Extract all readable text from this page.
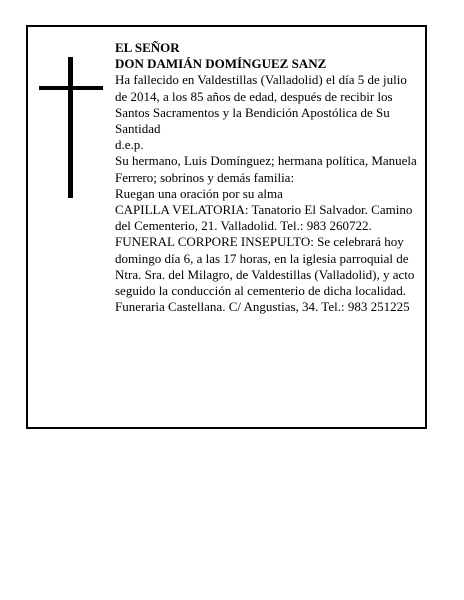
EL SEÑOR

DON DAMIÁN DOMÍNGUEZ SANZ

Ha fallecido en Valdestillas (Valladolid) el día 5 de julio de 2014, a los 85 años de edad, después de recibir los Santos Sacramentos y la Bendición Apostólica de Su Santidad

d.e.p.

Su hermano, Luis Domínguez; hermana política, Manuela Ferrero; sobrinos y demás familia:

Ruegan una oración por su alma

CAPILLA VELATORIA: Tanatorio El Salvador. Camino del Cementerio, 21. Valladolid. Tel.: 983 260722.

FUNERAL CORPORE INSEPULTO: Se celebrará hoy domingo día 6, a las 17 horas, en la iglesia parroquial de Ntra. Sra. del Milagro, de Valdestillas (Valladolid), y acto seguido la conducción al cementerio de dicha localidad.

Funeraria Castellana. C/ Angustias, 34. Tel.: 983 251225
